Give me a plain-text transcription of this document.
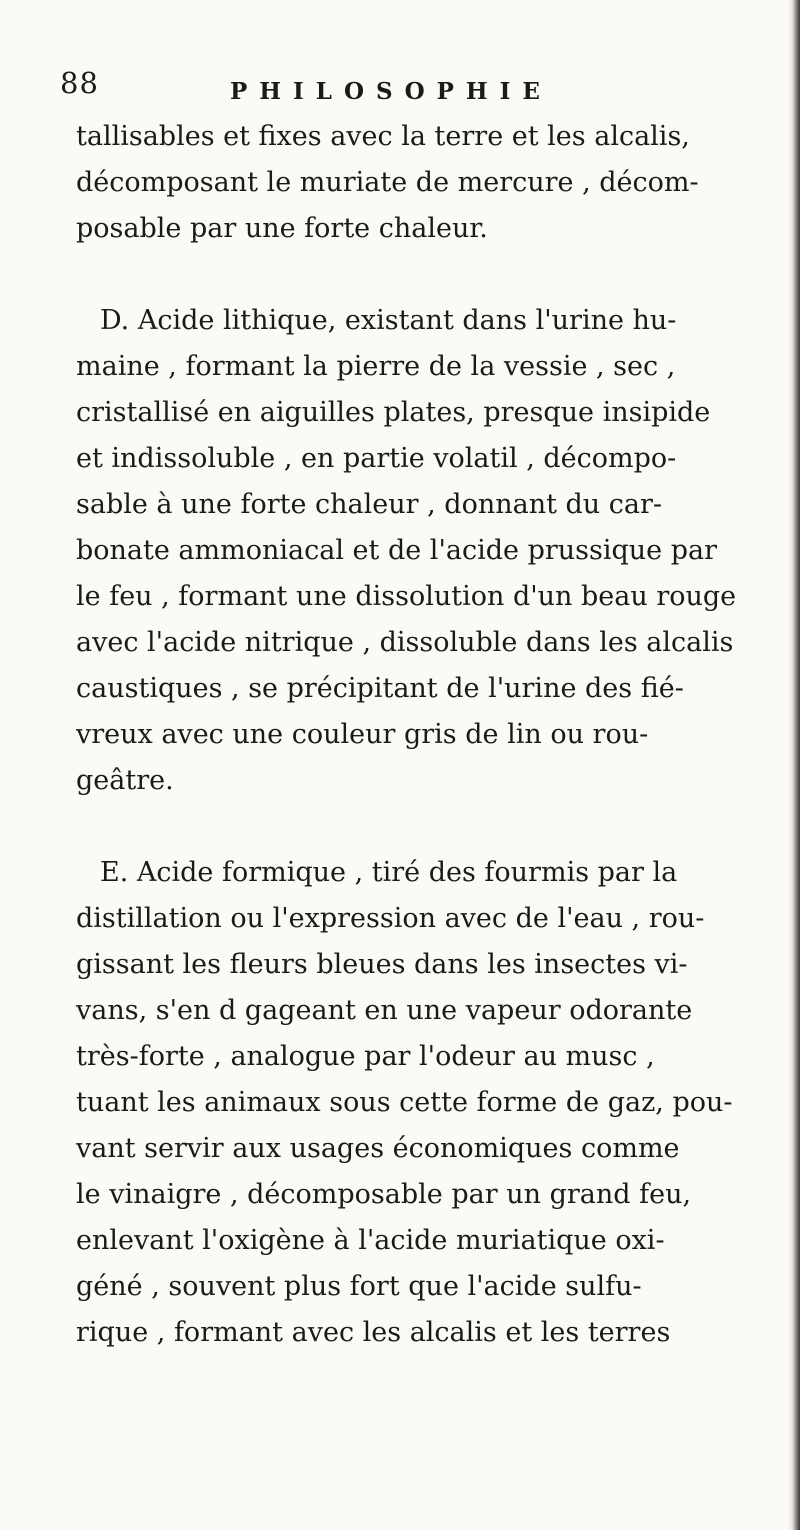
88	PHILOSOPHIE

tallisables et fixes avec la terre et les alcalis,
décomposant le muriate de mercure , décom-
posable par une forte chaleur.

D. Acide lithique, existant dans l'urine hu-
maine , formant la pierre de la vessie , sec ,
cristallisé en aiguilles plates, presque insipide
et indissoluble , en partie volatil , décompo-
sable à une forte chaleur , donnant du car-
bonate ammoniacal et de l'acide prussique par
le feu , formant une dissolution d'un beau rouge
avec l'acide nitrique , dissoluble dans les alcalis
caustiques , se précipitant de l'urine des fié-
vreux avec une couleur gris de lin ou rou-
geâtre.

E. Acide formique , tiré des fourmis par la
distillation ou l'expression avec de l'eau , rou-
gissant les fleurs bleues dans les insectes vi-
vans, s'en d gageant en une vapeur odorante
très-forte , analogue par l'odeur au musc ,
tuant les animaux sous cette forme de gaz, pou-
vant servir aux usages économiques comme
le vinaigre , décomposable par un grand feu,
enlevant l'oxigène à l'acide muriatique oxi-
géné , souvent plus fort que l'acide sulfu-
rique , formant avec les alcalis et les terres
